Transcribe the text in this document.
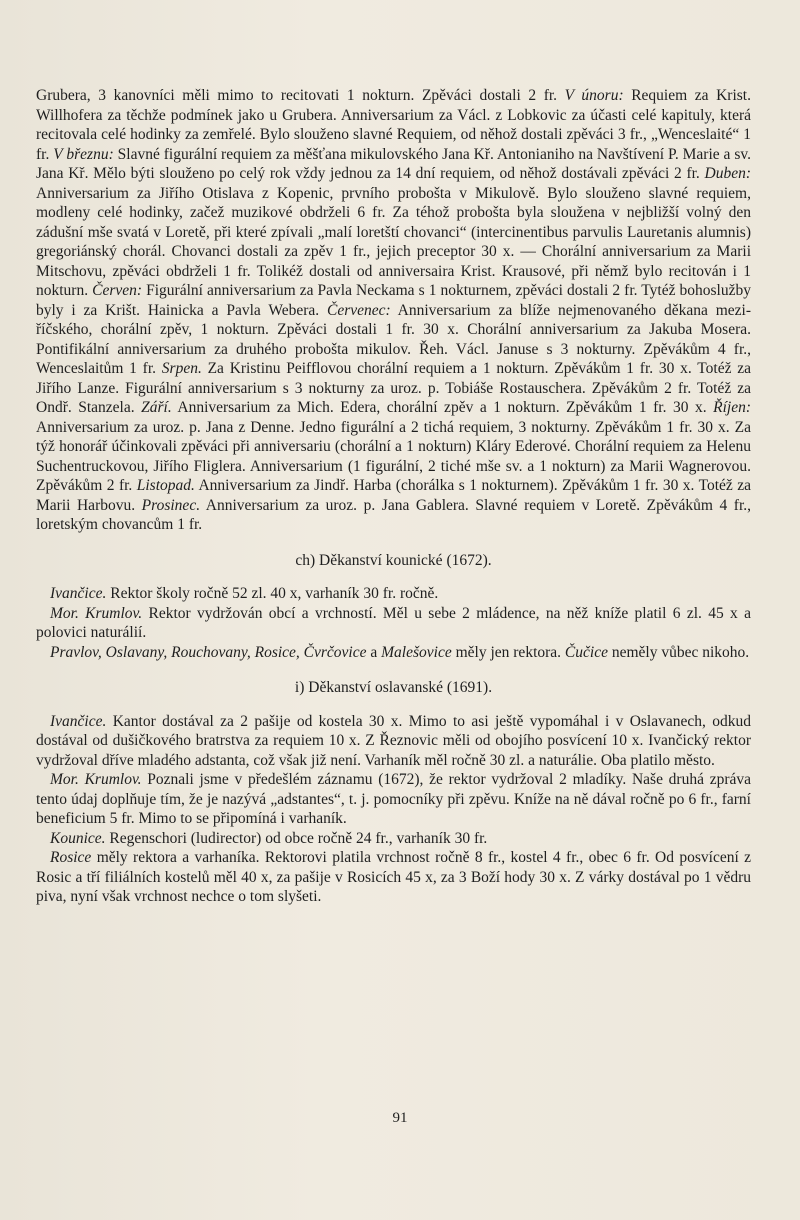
Grubera, 3 kanovníci měli mimo to recitovati 1 nokturn. Zpěváci dostali 2 fr. V únoru: Requiem za Krist. Willhofera za těchže podmínek jako u Grubera. Anniversarium za Václ. z Lobkovic za účasti celé kapituly, která recitovala celé hodinky za zemřelé. Bylo slouženo slavné Requiem, od něhož dostali zpěváci 3 fr., „Wenceslaité“ 1 fr. V březnu: Slavné figurální requiem za měšťana mikulovského Jana Kř. Antonianiho na Navštívení P. Marie a sv. Jana Kř. Mělo býti slouženo po celý rok vždy jednou za 14 dní requiem, od něhož dostávali zpěváci 2 fr. Duben: Anniversarium za Jiřího Otislava z Kopenic, prvního probošta v Mikulově. Bylo slouženo slavné requiem, modleny celé hodinky, začež muzikové obdrželi 6 fr. Za téhož probošta byla sloužena v nejbližší volný den zádušní mše svatá v Loretě, při které zpívali „malí loretští chovanci“ (intercinentibus parvulis Lauretanis alumnis) gregoriánský chorál. Chovanci dostali za zpěv 1 fr., jejich preceptor 30 x. — Chorální anniversarium za Marii Mitschovu, zpěváci obdrželi 1 fr. Tolikéž dostali od anniversaira Krist. Krausové, při němž bylo recitován i 1 nokturn. Červen: Figurální anniversarium za Pavla Neckama s 1 nokturnem, zpěváci dostali 2 fr. Tytéž bohoslužby byly i za Krišt. Hainicka a Pavla Webera. Červenec: Anniversarium za blíže nejmenovaného děkana mezi-říčského, chorální zpěv, 1 nokturn. Zpěváci dostali 1 fr. 30 x. Chorální anniversarium za Jakuba Mosera. Pontifikální anniversarium za druhého probošta mikulov. Řeh. Václ. Januse s 3 nokturny. Zpěvákům 4 fr., Wenceslaitům 1 fr. Srpen. Za Kristinu Peifflovou chorální requiem a 1 nokturn. Zpěvákům 1 fr. 30 x. Totéž za Jiřího Lanze. Figurální anniversarium s 3 nokturny za uroz. p. Tobiáše Rostauschera. Zpěvákům 2 fr. Totéž za Ondř. Stanzela. Září. Anniversarium za Mich. Edera, chorální zpěv a 1 nokturn. Zpěvákům 1 fr. 30 x. Říjen: Anniversarium za uroz. p. Jana z Denne. Jedno figurální a 2 tichá requiem, 3 nokturny. Zpěvákům 1 fr. 30 x. Za týž honorář účinkovali zpěváci při anniversariu (chorální a 1 nokturn) Kláry Ederové. Chorální requiem za Helenu Suchentruckovou, Jiřího Fliglera. Anniversarium (1 figurální, 2 tiché mše sv. a 1 nokturn) za Marii Wagnerovou. Zpěvákům 2 fr. Listopad. Anniversarium za Jindř. Harba (chorálka s 1 nokturnem). Zpěvákům 1 fr. 30 x. Totéž za Marii Harbovu. Prosinec. Anniversarium za uroz. p. Jana Gablera. Slavné requiem v Loretě. Zpěvákům 4 fr., loretským chovancům 1 fr.

ch) Děkanství kounické (1672).

Ivančice. Rektor školy ročně 52 zl. 40 x, varhaník 30 fr. ročně.

Mor. Krumlov. Rektor vydržován obcí a vrchností. Měl u sebe 2 mládence, na něž kníže platil 6 zl. 45 x a polovici naturálií.

Pravlov, Oslavany, Rouchovany, Rosice, Čvrčovice a Malešovice měly jen rektora. Čučice neměly vůbec nikoho.

i) Děkanství oslavanské (1691).

Ivančice. Kantor dostával za 2 pašije od kostela 30 x. Mimo to asi ještě vypomáhal i v Oslavanech, odkud dostával od dušičkového bratrstva za requiem 10 x. Z Řeznovic měli od obojího posvícení 10 x. Ivančický rektor vydržoval dříve mladého adstanta, což však již není. Varhaník měl ročně 30 zl. a naturálie. Oba platilo město.

Mor. Krumlov. Poznali jsme v předešlém záznamu (1672), že rektor vydržoval 2 mladíky. Naše druhá zpráva tento údaj doplňuje tím, že je nazývá „adstantes“, t. j. pomocníky při zpěvu. Kníže na ně dával ročně po 6 fr., farní beneficium 5 fr. Mimo to se připomíná i varhaník.

Kounice. Regenschori (ludirector) od obce ročně 24 fr., varhaník 30 fr.

Rosice měly rektora a varhaníka. Rektorovi platila vrchnost ročně 8 fr., kostel 4 fr., obec 6 fr. Od posvícení z Rosic a tří filiálních kostelů měl 40 x, za pašije v Rosicích 45 x, za 3 Boží hody 30 x. Z várky dostával po 1 vědru piva, nyní však vrchnost nechce o tom slyšeti.

91
